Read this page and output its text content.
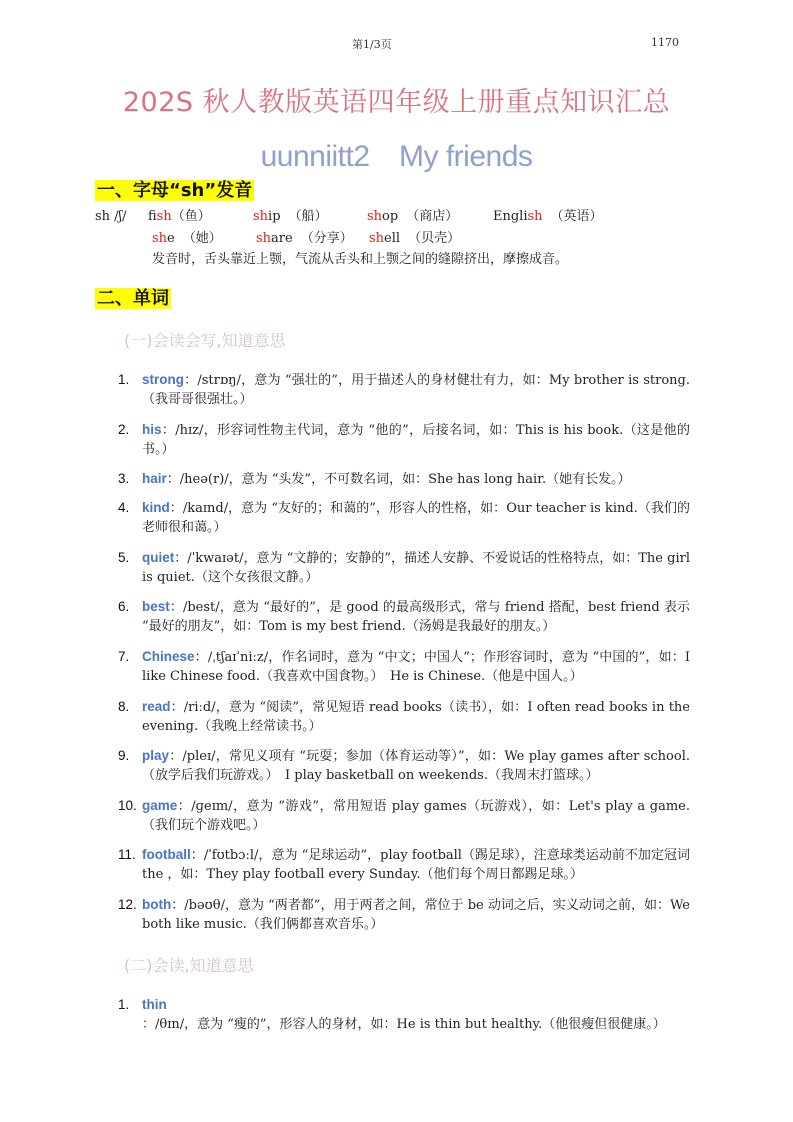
第1/3页	1170
202S 秋人教版英语四年级上册重点知识汇总
uunniitt2　My friends
一、字母“sh”发音
sh /ʃ/ fish（鱼）	ship （船）	shop （商店）	English （英语）
she （她）	share （分享） shell （贝壳）
发音时，舌头靠近上颚，气流从舌头和上颚之间的缝隙挤出，摩擦成音。
二、单词
(一)会读会写,知道意思
1. strong：/strɒŋ/，意为 “强壮的”，用于描述人的身材健壮有力，如：My brother is strong.（我哥哥很强壮。）
2. his：/hɪz/，形容词性物主代词，意为 “他的”，后接名词，如：This is his book.（这是他的书。）
3. hair：/heə(r)/，意为 “头发”，不可数名词，如：She has long hair.（她有长发。）
4. kind：/kaɪnd/，意为 “友好的；和蔼的”，形容人的性格，如：Our teacher is kind.（我们的老师很和蔼。）
5. quiet：/ˈkwaɪət/，意为 “文静的；安静的”，描述人安静、不爱说话的性格特点，如：The girl is quiet.（这个女孩很文静。）
6. best：/best/，意为 “最好的”，是 good 的最高级形式，常与 friend 搭配，best friend 表示 “最好的朋友”，如：Tom is my best friend.（汤姆是我最好的朋友。）
7. Chinese：/ˌtʃaɪˈniːz/，作名词时，意为 “中文；中国人”；作形容词时，意为 “中国的”，如：I like Chinese food.（我喜欢中国食物。）　He is Chinese.（他是中国人。）
8. read：/riːd/，意为 “阅读”，常见短语 read books（读书），如：I often read books in the evening.（我晚上经常读书。）
9. play：/pleɪ/，常见义项有 “玩耍；参加（体育运动等）”，如：We play games after school.（放学后我们玩游戏。）　I play basketball on weekends.（我周末打篮球。）
10. game：/ɡeɪm/，意为 “游戏”，常用短语 play games（玩游戏），如：Let's play a game.（我们玩个游戏吧。）
11. football：/ˈfʊtbɔːl/，意为 “足球运动”，play football（踢足球），注意球类运动前不加定冠词 the ，如：They play football every Sunday.（他们每个周日都踢足球。）
12. both：/bəʊθ/，意为 “两者都”，用于两者之间，常位于 be 动词之后，实义动词之前，如：We both like music.（我们俩都喜欢音乐。）
(二)会读,知道意思
1. thin ：/θɪn/，意为 “瘦的”，形容人的身材，如：He is thin but healthy.（他很瘦但很健康。）
